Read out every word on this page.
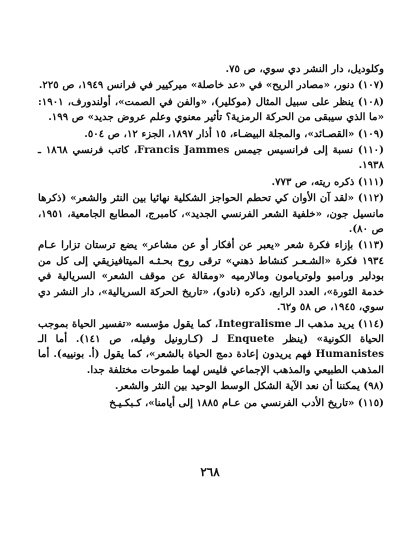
وكلوديل، دار النشر دي سوي، ص ٧٥.

(١٠٧) دنور، «مصادر الريح» في «عد خاصلة» ميركيير في فرانس ١٩٤٩، ص ٢٢٥.

(١٠٨) ينظر على سبيل المثال (موكلير)، «والفن في الصمت»، أولندورف، ١٩٠١: «ما الذي سيبقى من الحركة الرمزية؟ تأثير معنوي وعلم عروض جديد» ص ١٩٩.

(١٠٩) «القصـائد»، والمجلة البيضـاء، ١٥ أذار ١٨٩٧، الجزء ١٢، ص ٥٠٤.

(١١٠) نسبة إلى فرانسيس جيمس Francis Jammes، كاتب فرنسي ١٨٦٨ ـ ١٩٣٨.

(١١١) ذكره ريته، ص ٧٧٣.

(١١٢) «لقد آن الأوان كي تحطم الحواجز الشكلية نهائيا بين النثر والشعر» (ذكرها مانسيل جون، «خلفية الشعر الفرنسي الجديد»، كامبرج، المطابع الجامعية، ١٩٥١، ص ٨٠).

(١١٣) بإزاء فكرة شعر «يعبر عن أفكار أو عن مشاعر» يضع ترستان تزارا عـام ١٩٣٤ فكرة «الشـعـر كنشاط ذهني» ترقى روح بحـثـه الميتافيزيقي إلى كل من بودلير ورامبو ولوتريامون ومالارميه «ومقالة عن موقف الشعر» السريالية في خدمة الثورة»، العدد الرابع، ذكره (نادو)، «تاريخ الحركة السريالية»، دار النشر دي سوي، ١٩٤٥، ص ٥٨ و٦٢.

(١١٤) يريد مذهب الـ Integralisme، كما يقول مؤسسه «تفسير الحياة بموجب الحياة الكونية» (ينظر Enquete لـ (كـارونيل وفيله، ص ١٤١). أما الـ Humanistes فهم يريدون إعادة دمج الحياة بالشعر»، كما يقول (أ. بونييه). أما المذهب الطبيعي والمذهب الإجماعي فليس لهما طموحات مختلفة جدا.

(٩٨) يمكننا أن نعد الآية الشكل الوسط الوحيد بين النثر والشعر.

(١١٥) «تاريخ الأدب الفرنسي من عـام ١٨٨٥ إلى أيامنا»، كـبكـيـخ

٢٦٨
